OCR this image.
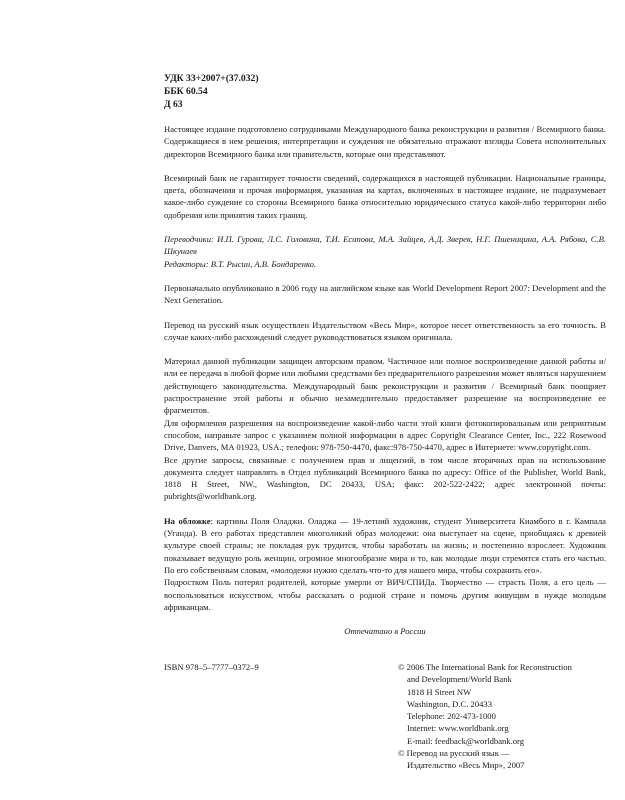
УДК 33+2007+(37.032)
ББК 60.54
Д 63

Настоящее издание подготовлено сотрудниками Международного банка реконструкции и развития / Всемирного банка. Содержащиеся в нем решения, интерпретации и суждения не обязательно отражают взгляды Совета исполнительных директоров Всемирного банка или правительств, которые они представляют.

Всемирный банк не гарантирует точности сведений, содержащихся в настоящей публикации. Национальные границы, цвета, обозначения и прочая информация, указанная на картах, включенных в настоящее издание, не подразумевает какое-либо суждение со стороны Всемирного банка относительно юридического статуса какой-либо территории либо одобрения или принятия таких границ.

Переводчики: И.П. Гурова, Л.С. Головина, Т.И. Есипова, М.А. Зайцев, А.Д. Зверев, Н.Г. Пшеницина, А.А. Рябова, С.В. Шкунаев

Редакторы: В.Т. Рысин, А.В. Бондаренко.

Первоначально опубликовано в 2006 году на английском языке как World Development Report 2007: Development and the Next Generation.

Перевод на русский язык осуществлен Издательством «Весь Мир», которое несет ответственность за его точность. В случае каких-либо расхождений следует руководствоваться языком оригинала.

Материал данной публикации защищен авторским правом. Частичное или полное воспроизведение данной работы и/или ее передача в любой форме или любыми средствами без предварительного разрешения может являться нарушением действующего законодательства. Международный банк реконструкции и развития / Всемирный банк поощряет распространение этой работы и обычно незамедлительно предоставляет разрешение на воспроизведение ее фрагментов.

Для оформления разрешения на воспроизведение какой-либо части этой книги фотокопировальным или репринтным способом, направьте запрос с указанием полной информации в адрес Copyright Clearance Center, Inc., 222 Rosewood Drive, Danvers, MA 01923, USA.; телефон: 978-750-4470, факс:978-750-4470, адрес в Интернете: www.copyright.com.

Все другие запросы, связанные с получением прав и лицензий, в том числе вторичных прав на использование документа следует направлять в Отдел публикаций Всемирного банка по адресу: Office of the Publisher, World Bank, 1818 H Street, NW., Washington, DC 20433, USA; факс: 202-522-2422; адрес электронной почты: pubrights@worldbank.org.

На обложке: картины Поля Оладжи. Оладжа — 19-летний художник, студент Университета Киамбого в г. Кампала (Уганда). В его работах представлен многоликий образ молодежи: она выступает на сцене, приобщаясь к древней культуре своей страны; не покладая рук трудится, чтобы заработать на жизнь; и постепенно взрослеет. Художник показывает ведущую роль женщин, огромное многообразие мира и то, как молодые люди стремятся стать его частью. По его собственным словам, «молодежи нужно сделать что-то для нашего мира, чтобы сохранить его».

Подростком Поль потерял родителей, которые умерли от ВИЧ/СПИДа. Творчество — страсть Поля, а его цель — воспользоваться искусством, чтобы рассказать о родной стране и помочь другим живущим в нужде молодым африканцам.

Отпечатано в России
ISBN 978–5–7777–0372–9	© 2006 The International Bank for Reconstruction
and Development/World Bank
1818 H Street NW
Washington, D.C. 20433
Telephone: 202-473-1000
Internet: www.worldbank.org
E-mail: feedback@worldbank.org
© Перевод на русский язык —
Издательство «Весь Мир», 2007
